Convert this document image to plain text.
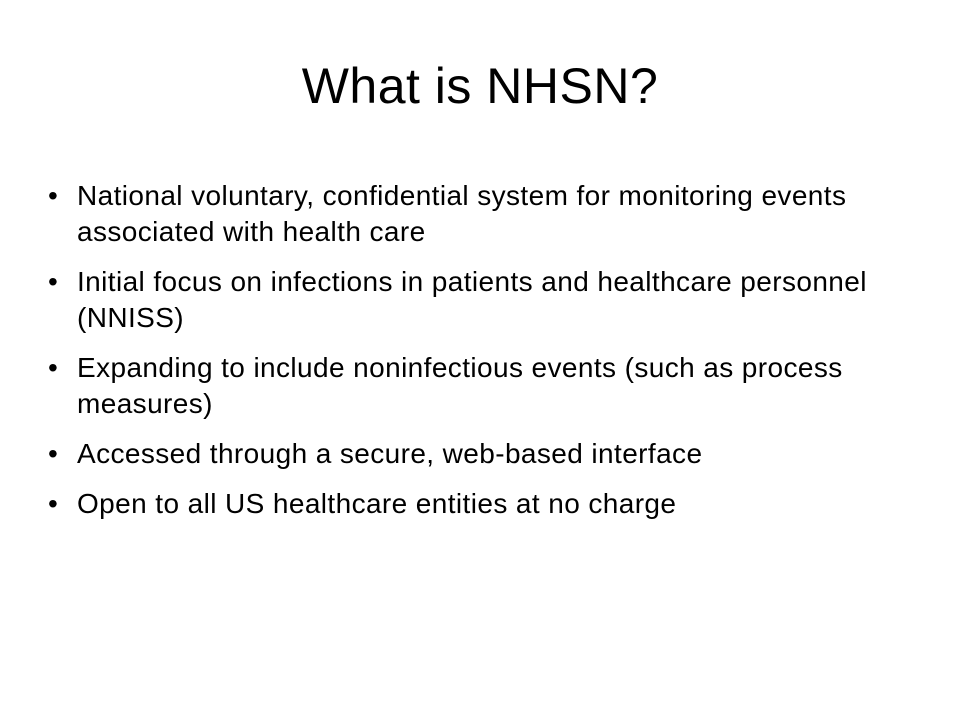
What is NHSN?
• National voluntary, confidential system for monitoring events associated with health care
• Initial focus on infections in patients and healthcare personnel (NNISS)
• Expanding to include noninfectious events (such as process measures)
• Accessed through a secure, web-based interface
• Open to all US healthcare entities at no charge
